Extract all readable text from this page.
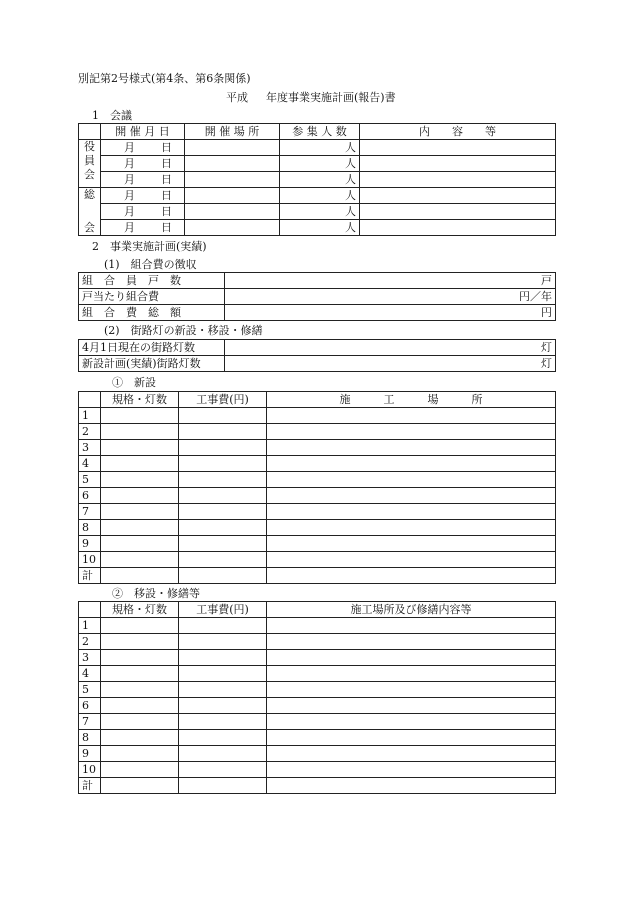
別記第2号様式(第4条、第6条関係)
平成 年度事業実施計画(報告)書
1　会議
	開 催 月 日	開 催 場 所	参 集 人 数	内　　容　　等

役
員
会	月 日		人	
	月 日		人	
	月 日		人	

総
会	月 日		人	
	月 日		人	
	月 日		人	
2　事業実施計画(実績)
(1)　組合費の徴収
組　合　員　戸　数	戸
戸当たり組合費	円／年
組　合　費　総　額	円
(2)　街路灯の新設・移設・修繕
4月1日現在の街路灯数	灯
新設計画(実績)街路灯数	灯
①　新設
	規格・灯数	工事費(円)	施　　　工　　　場　　　所
1			
2			
3			
4			
5			
6			
7			
8			
9			
10			
計			
②　移設・修繕等
	規格・灯数	工事費(円)	施工場所及び修繕内容等
1			
2			
3			
4			
5			
6			
7			
8			
9			
10			
計			
